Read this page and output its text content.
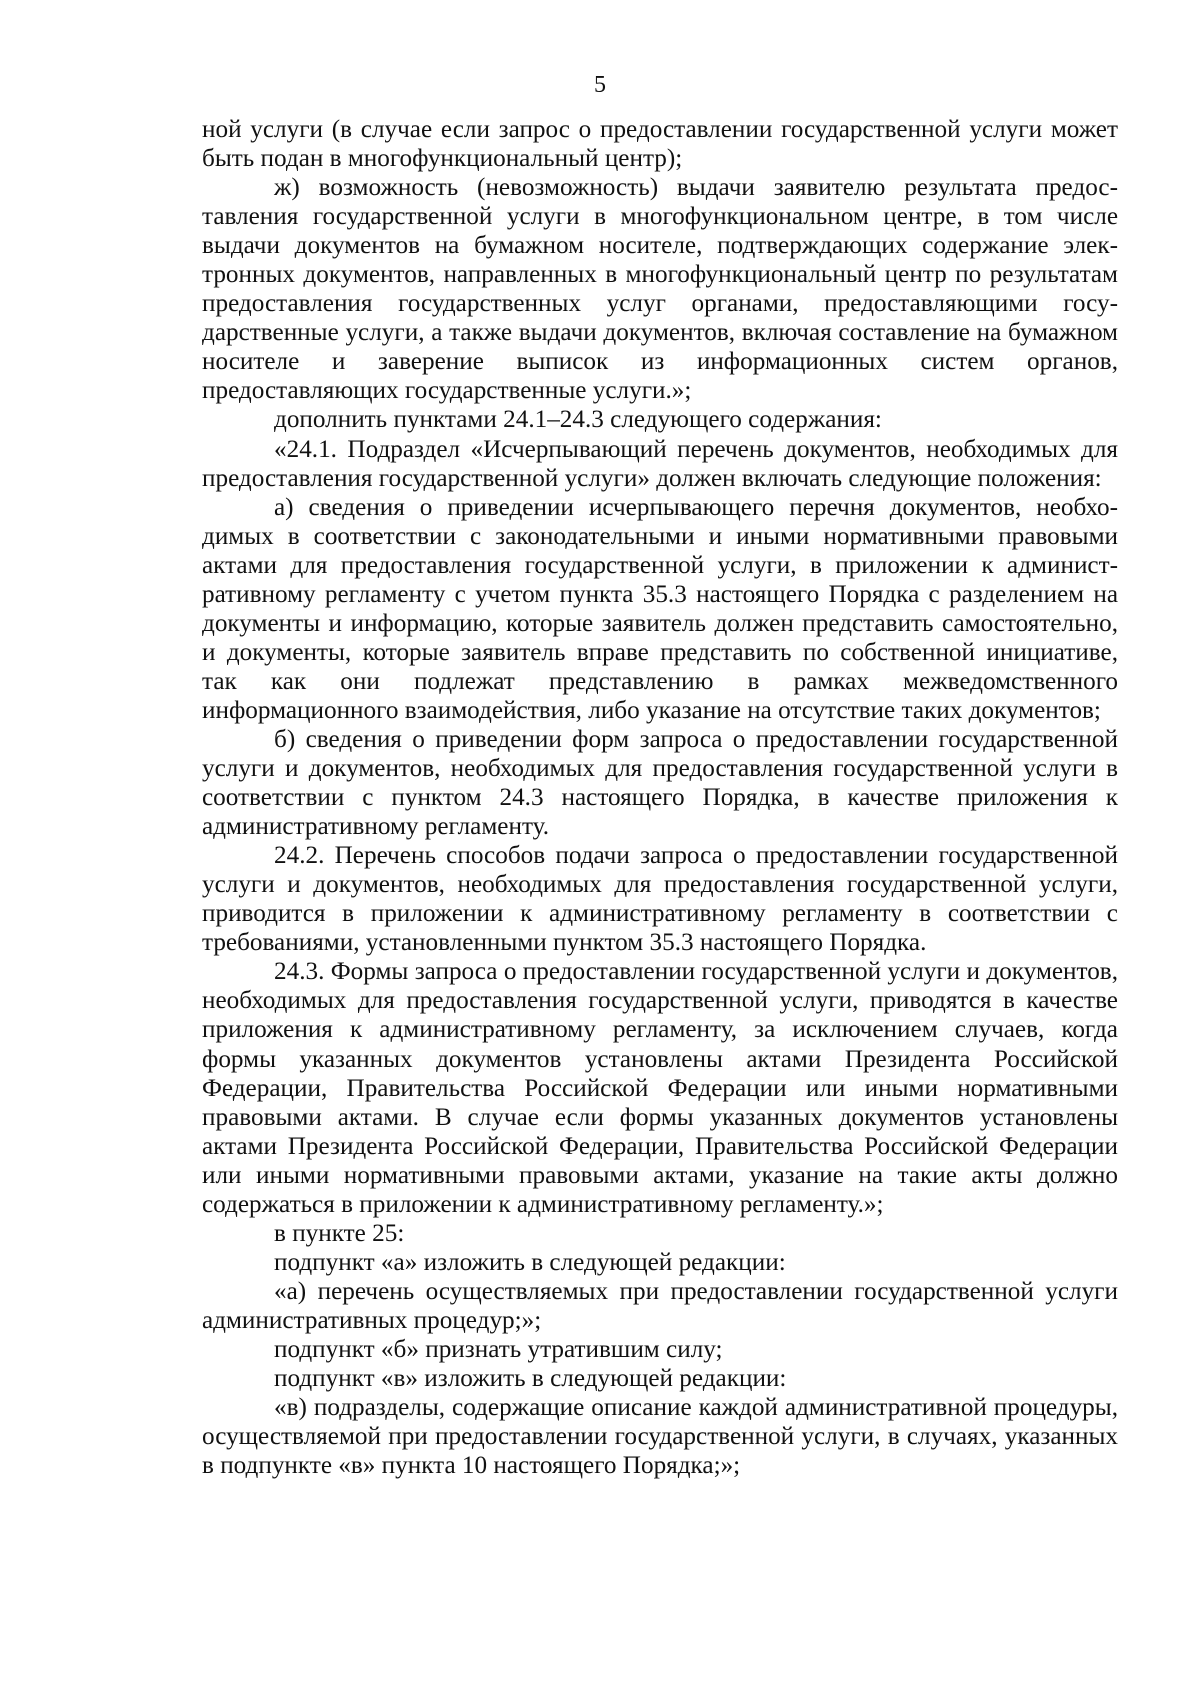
5

ной услуги (в случае если запрос о предоставлении государственной услуги может быть подан в многофункциональный центр);

ж) возможность (невозможность) выдачи заявителю результата предоставления государственной услуги в многофункциональном центре, в том числе выдачи документов на бумажном носителе, подтверждающих содержание электронных документов, направленных в многофункциональный центр по результатам предоставления государственных услуг органами, предоставляющими государственные услуги, а также выдачи документов, включая составление на бумажном носителе и заверение выписок из информационных систем органов, предоставляющих государственные услуги.»;

дополнить пунктами 24.1–24.3 следующего содержания:

«24.1. Подраздел «Исчерпывающий перечень документов, необходимых для предоставления государственной услуги» должен включать следующие положения:

а) сведения о приведении исчерпывающего перечня документов, необходимых в соответствии с законодательными и иными нормативными правовыми актами для предоставления государственной услуги, в приложении к административному регламенту с учетом пункта 35.3 настоящего Порядка с разделением на документы и информацию, которые заявитель должен представить самостоятельно, и документы, которые заявитель вправе представить по собственной инициативе, так как они подлежат представлению в рамках межведомственного информационного взаимодействия, либо указание на отсутствие таких документов;

б) сведения о приведении форм запроса о предоставлении государственной услуги и документов, необходимых для предоставления государственной услуги в соответствии с пунктом 24.3 настоящего Порядка, в качестве приложения к административному регламенту.

24.2. Перечень способов подачи запроса о предоставлении государственной услуги и документов, необходимых для предоставления государственной услуги, приводится в приложении к административному регламенту в соответствии с требованиями, установленными пунктом 35.3 настоящего Порядка.

24.3. Формы запроса о предоставлении государственной услуги и документов, необходимых для предоставления государственной услуги, приводятся в качестве приложения к административному регламенту, за исключением случаев, когда формы указанных документов установлены актами Президента Российской Федерации, Правительства Российской Федерации или иными нормативными правовыми актами. В случае если формы указанных документов установлены актами Президента Российской Федерации, Правительства Российской Федерации или иными нормативными правовыми актами, указание на такие акты должно содержаться в приложении к административному регламенту.»;

в пункте 25:

подпункт «а» изложить в следующей редакции:

«а) перечень осуществляемых при предоставлении государственной услуги административных процедур;»;

подпункт «б» признать утратившим силу;

подпункт «в» изложить в следующей редакции:

«в) подразделы, содержащие описание каждой административной процедуры, осуществляемой при предоставлении государственной услуги, в случаях, указанных в подпункте «в» пункта 10 настоящего Порядка;»;
